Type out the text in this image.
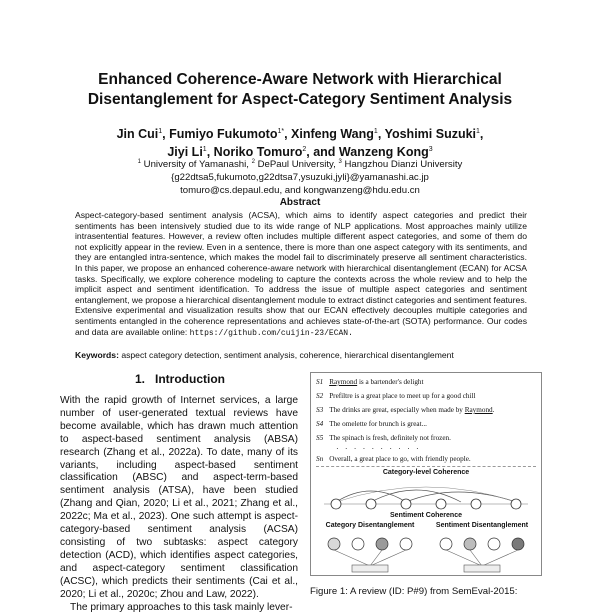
Enhanced Coherence-Aware Network with Hierarchical
Disentanglement for Aspect-Category Sentiment Analysis
Jin Cui$^1$, Fumiyo Fukumoto$^{1*}$, Xinfeng Wang$^1$, Yoshimi Suzuki$^1$,
Jiyi Li$^1$, Noriko Tomuro$^2$, and Wanzeng Kong$^3$
$^1$ University of Yamanashi, $^2$ DePaul University, $^3$ Hangzhou Dianzi University
{g22dtsa5,fukumoto,g22dtsa7,ysuzuki,jyli}@yamanashi.ac.jp
tomuro@cs.depaul.edu, and kongwanzeng@hdu.edu.cn
Abstract
Aspect-category-based sentiment analysis (ACSA), which aims to identify aspect categories and predict their sentiments has been intensively studied due to its wide range of NLP applications. Most approaches mainly utilize intrasentential features. However, a review often includes multiple different aspect categories, and some of them do not explicitly appear in the review. Even in a sentence, there is more than one aspect category with its sentiments, and they are entangled intra-sentence, which makes the model fail to discriminately preserve all sentiment characteristics. In this paper, we propose an enhanced coherence-aware network with hierarchical disentanglement (ECAN) for ACSA tasks. Specifically, we explore coherence modeling to capture the contexts across the whole review and to help the implicit aspect and sentiment identification. To address the issue of multiple aspect categories and sentiment entanglement, we propose a hierarchical disentanglement module to extract distinct categories and sentiment features. Extensive experimental and visualization results show that our ECAN effectively decouples multiple categories and sentiments entangled in the coherence representations and achieves state-of-the-art (SOTA) performance. Our codes and data are available online: https://github.com/cuijin-23/ECAN.
Keywords: aspect category detection, sentiment analysis, coherence, hierarchical disentanglement
1. Introduction

With the rapid growth of Internet services, a large number of user-generated textual reviews have become available, which has drawn much attention to aspect-based sentiment analysis (ABSA) research (Zhang et al., 2022a). To date, many of its variants, including aspect-based sentiment classification (ABSC) and aspect-term-based sentiment analysis (ATSA), have been studied (Zhang and Qian, 2020; Li et al., 2021; Zhang et al., 2022c; Ma et al., 2023). One such attempt is aspect-category-based sentiment analysis (ACSA) consisting of two subtasks: aspect category detection (ACD), which identifies aspect categories, and aspect-category sentiment classification (ACSC), which predicts their sentiments (Cai et al., 2020; Li et al., 2020c; Zhou and Law, 2022).

The primary approaches to this task mainly lever-

S1 Raymond is a bartender's delight
S2 Prefiltre is a great place to meet up for a good chill
S3 The drinks are great, especially when made by Raymond.
S4 The omelette for brunch is great...
S5 The spinach is fresh, definitely not frozen.
· · · · · · · · · ·
Sn Overall, a great place to go, with friendly people.
Category-level Coherence
Sentiment Coherence
Category Disentanglement	Sentiment Disentanglement
Figure 1: A review (ID: P#9) from SemEval-2015:
